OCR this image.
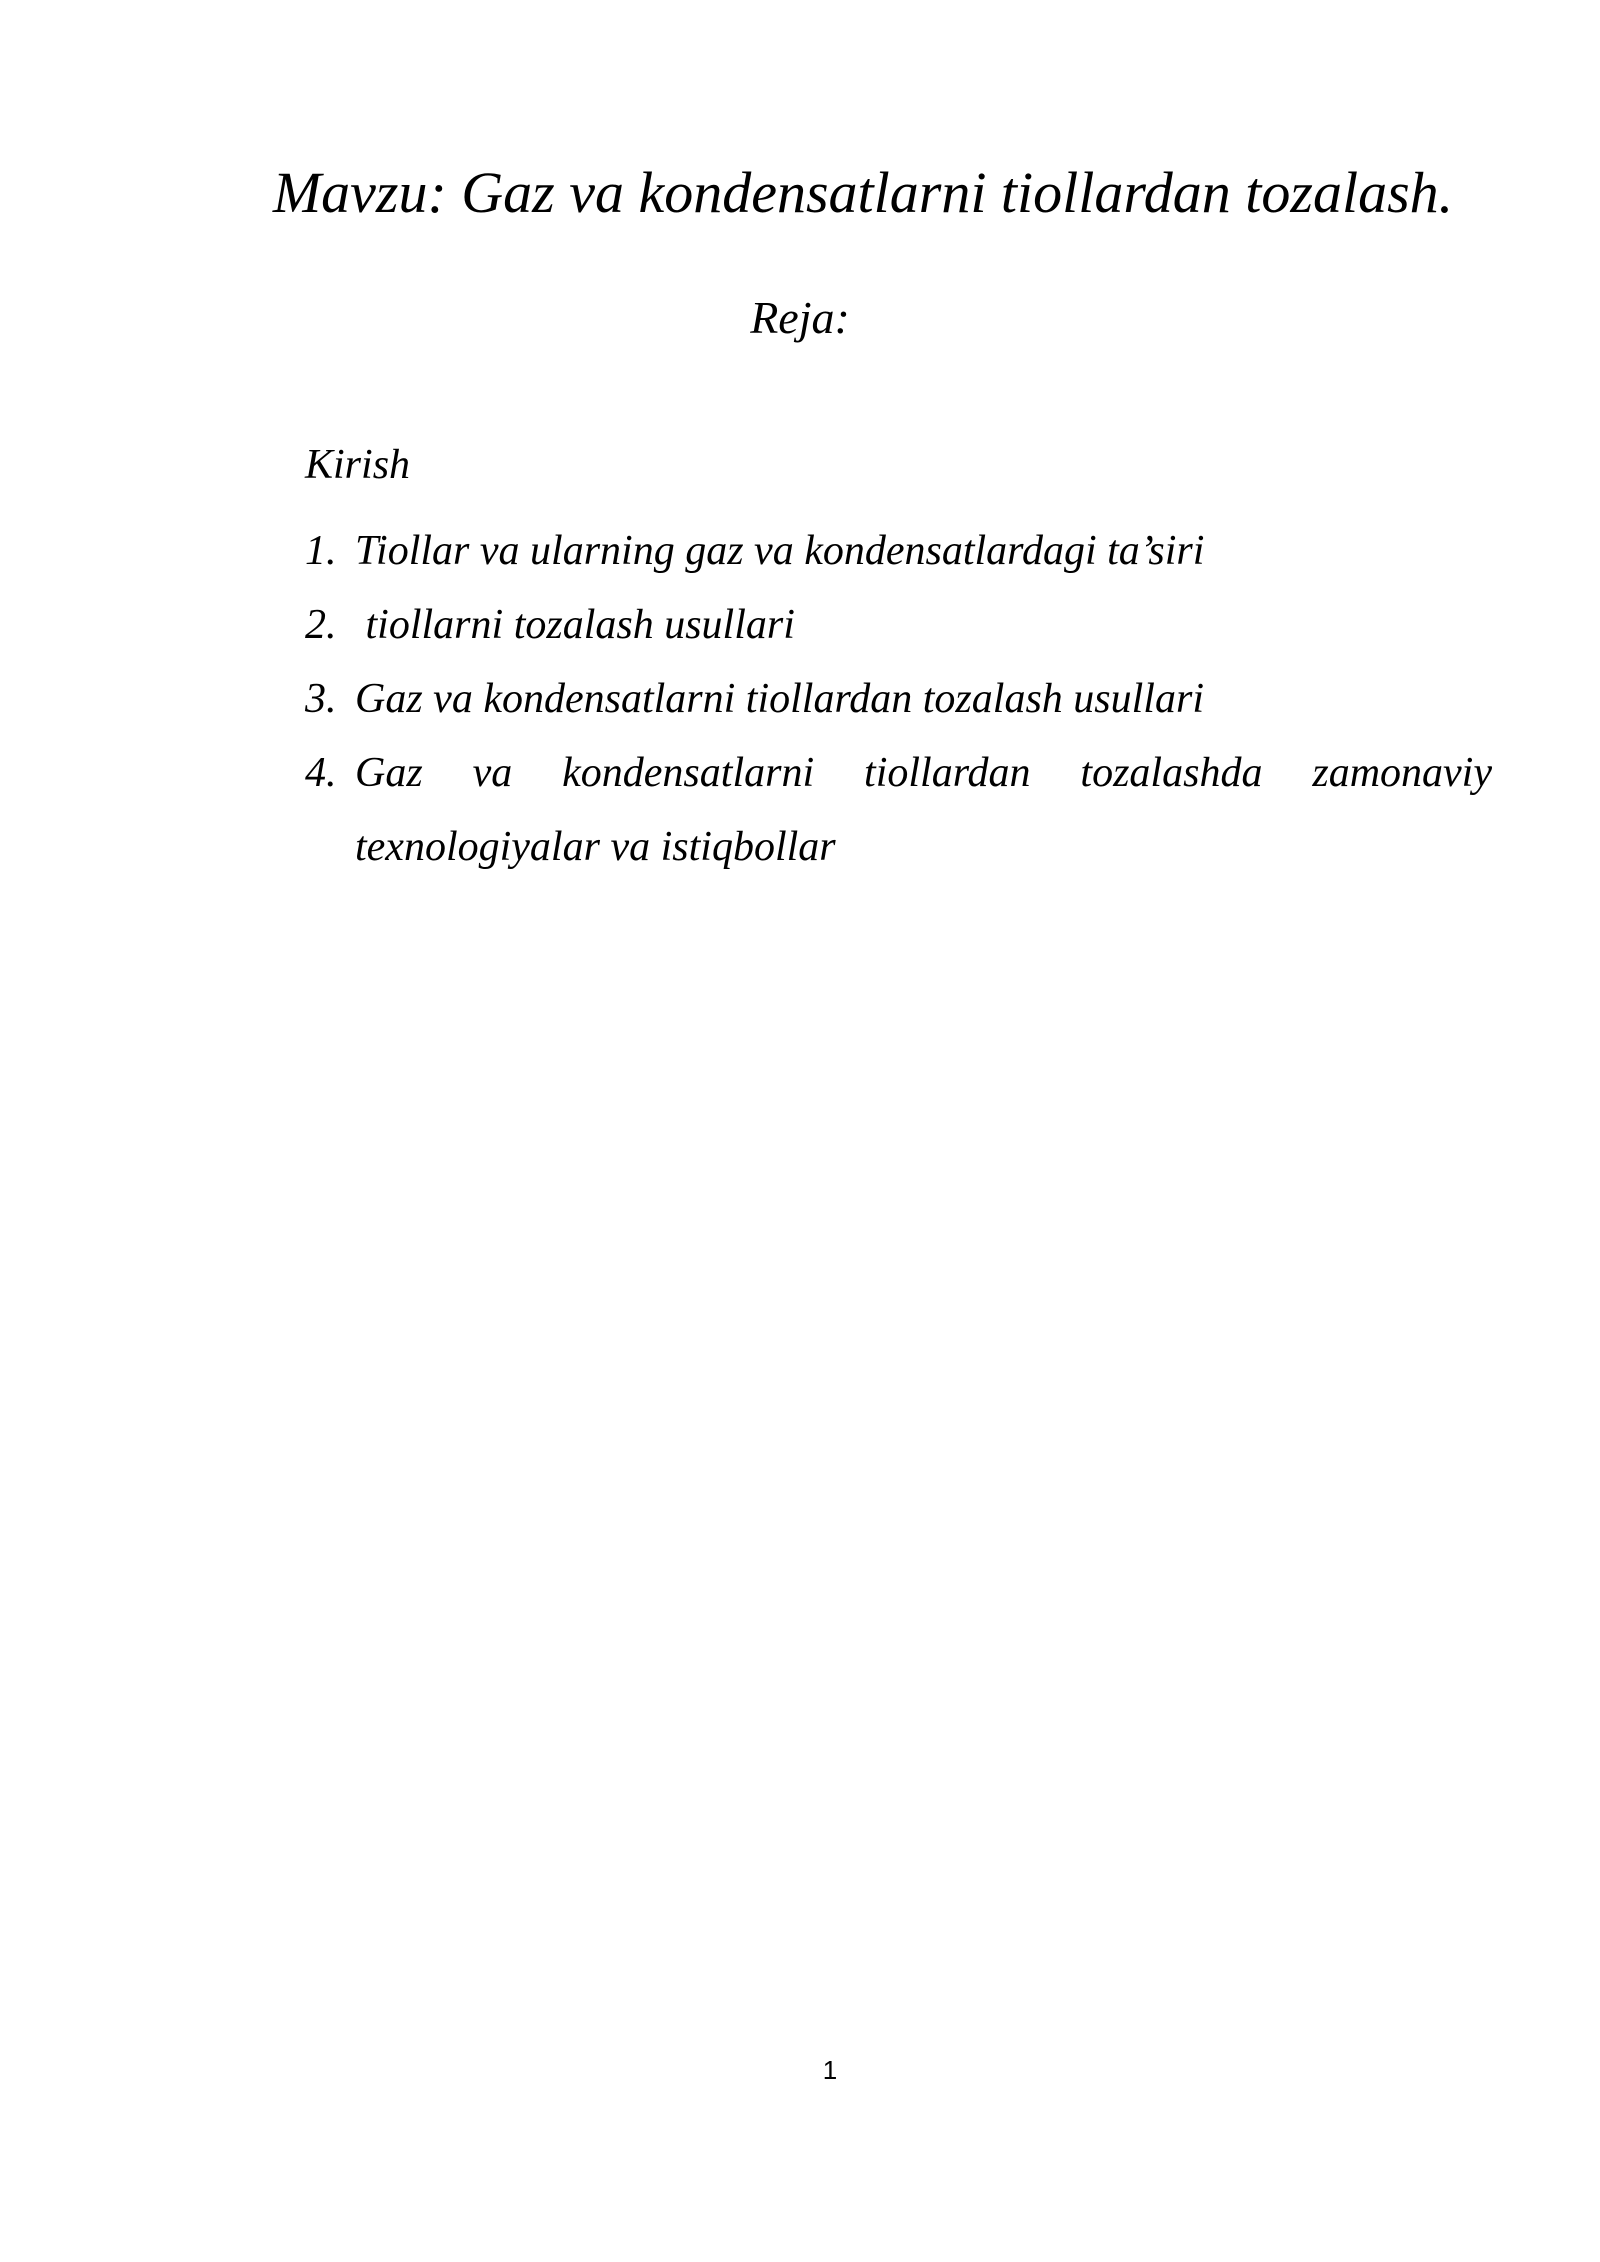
Mavzu: Gaz va kondensatlarni tiollardan tozalash.
Reja:
Kirish
1. Tiollar va ularning gaz va kondensatlardagi ta’siri
2. tiollarni tozalash usullari
3. Gaz va kondensatlarni tiollardan tozalash usullari
4. Gaz va kondensatlarni tiollardan tozalashda zamonaviy texnologiyalar va istiqbollar
1
